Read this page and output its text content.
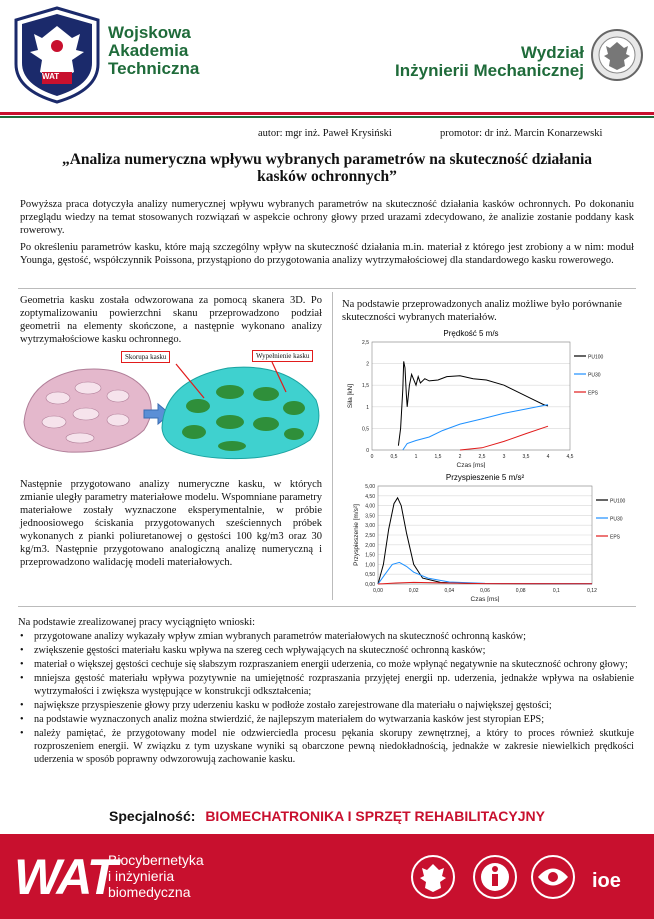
WAT
Wojskowa
Akademia
Techniczna
Wydział
Inżynierii Mechanicznej
autor: mgr inż. Paweł Krysiński	promotor: dr inż. Marcin Konarzewski
„Analiza numeryczna wpływu wybranych parametrów na skuteczność działania kasków ochronnych”
Powyższa praca dotyczyła analizy numerycznej wpływu wybranych parametrów na skuteczność działania kasków ochronnych. Po dokonaniu przeglądu wiedzy na temat stosowanych rozwiązań w aspekcie ochrony głowy przed urazami zdecydowano, że analizie zostanie poddany kask rowerowy.
Po określeniu parametrów kasku, które mają szczególny wpływ na skuteczność działania m.in. materiał z którego jest zrobiony a w nim: moduł Younga, gęstość, współczynnik Poissona, przystąpiono do przygotowania analizy wytrzymałościowej dla standardowego kasku rowerowego.
Geometria kasku została odwzorowana za pomocą skanera 3D. Po zoptymalizowaniu powierzchni skanu przeprowadzono podział geometrii na elementy skończone, a następnie wykonano analizy wytrzymałościowe kasku ochronnego.
Skorupa kasku	Wypełnienie kasku
Następnie przygotowano analizy numeryczne kasku, w których zmianie uległy parametry materiałowe modelu. Wspomniane parametry materiałowe zostały wyznaczone eksperymentalnie, w próbie jednoosiowego ściskania przygotowanych sześciennych próbek wykonanych z pianki poliuretanowej o gęstości 100 kg/m3 oraz 30 kg/m3. Następnie przygotowano analogiczną analizę numeryczną i przeprowadzono walidację modeli materiałowych.
Na podstawie przeprowadzonych analiz możliwe było porównanie skuteczności wybranych materiałów.
Prędkość 5 m/s
0
0,5
1
1,5
2
2,5
0	0,5	1	1,5	2	2,5	3	3,5	4	4,5
Czas [ms]
Siła [kN]
PU100
PU30
EPS
Przyspieszenie 5 m/s²
0,00
0,50
1,00
1,50
2,00
2,50
3,00
3,50
4,00
4,50
5,00
0,00	0,02	0,04	0,06	0,08	0,1	0,12
Czas [ms]
Przyspieszenie [m/s²]
PU100
PU30
EPS
Na podstawie zrealizowanej pracy wyciągnięto wnioski:
• przygotowane analizy wykazały wpływ zmian wybranych parametrów materiałowych na skuteczność ochronną kasków;
• zwiększenie gęstości materiału kasku wpływa na szereg cech wpływających na skuteczność ochronną kasków;
• materiał o większej gęstości cechuje się słabszym rozpraszaniem energii uderzenia, co może wpłynąć negatywnie na skuteczność ochrony głowy;
• mniejsza gęstość materiału wpływa pozytywnie na umiejętność rozpraszania przyjętej energii np. uderzenia, jednakże wpływa na osłabienie wytrzymałości i zwiększa występujące w konstrukcji odkształcenia;
• największe przyspieszenie głowy przy uderzeniu kasku w podłoże zostało zarejestrowane dla materiału o największej gęstości;
• na podstawie wyznaczonych analiz można stwierdzić, że najlepszym materiałem do wytwarzania kasków jest styropian EPS;
• należy pamiętać, że przygotowany model nie odzwierciedla procesu pękania skorupy zewnętrznej, a który to proces również skutkuje rozproszeniem energii. W związku z tym uzyskane wyniki są obarczone pewną niedokładnością, jednakże w zakresie niewielkich prędkości uderzenia w sposób poprawny odwzorowują zachowanie kasku.
Specjalność: BIOMECHATRONIKA I SPRZĘT REHABILITACYJNY
WAT
Biocybernetyka
i inżynieria
biomedyczna	ioe
